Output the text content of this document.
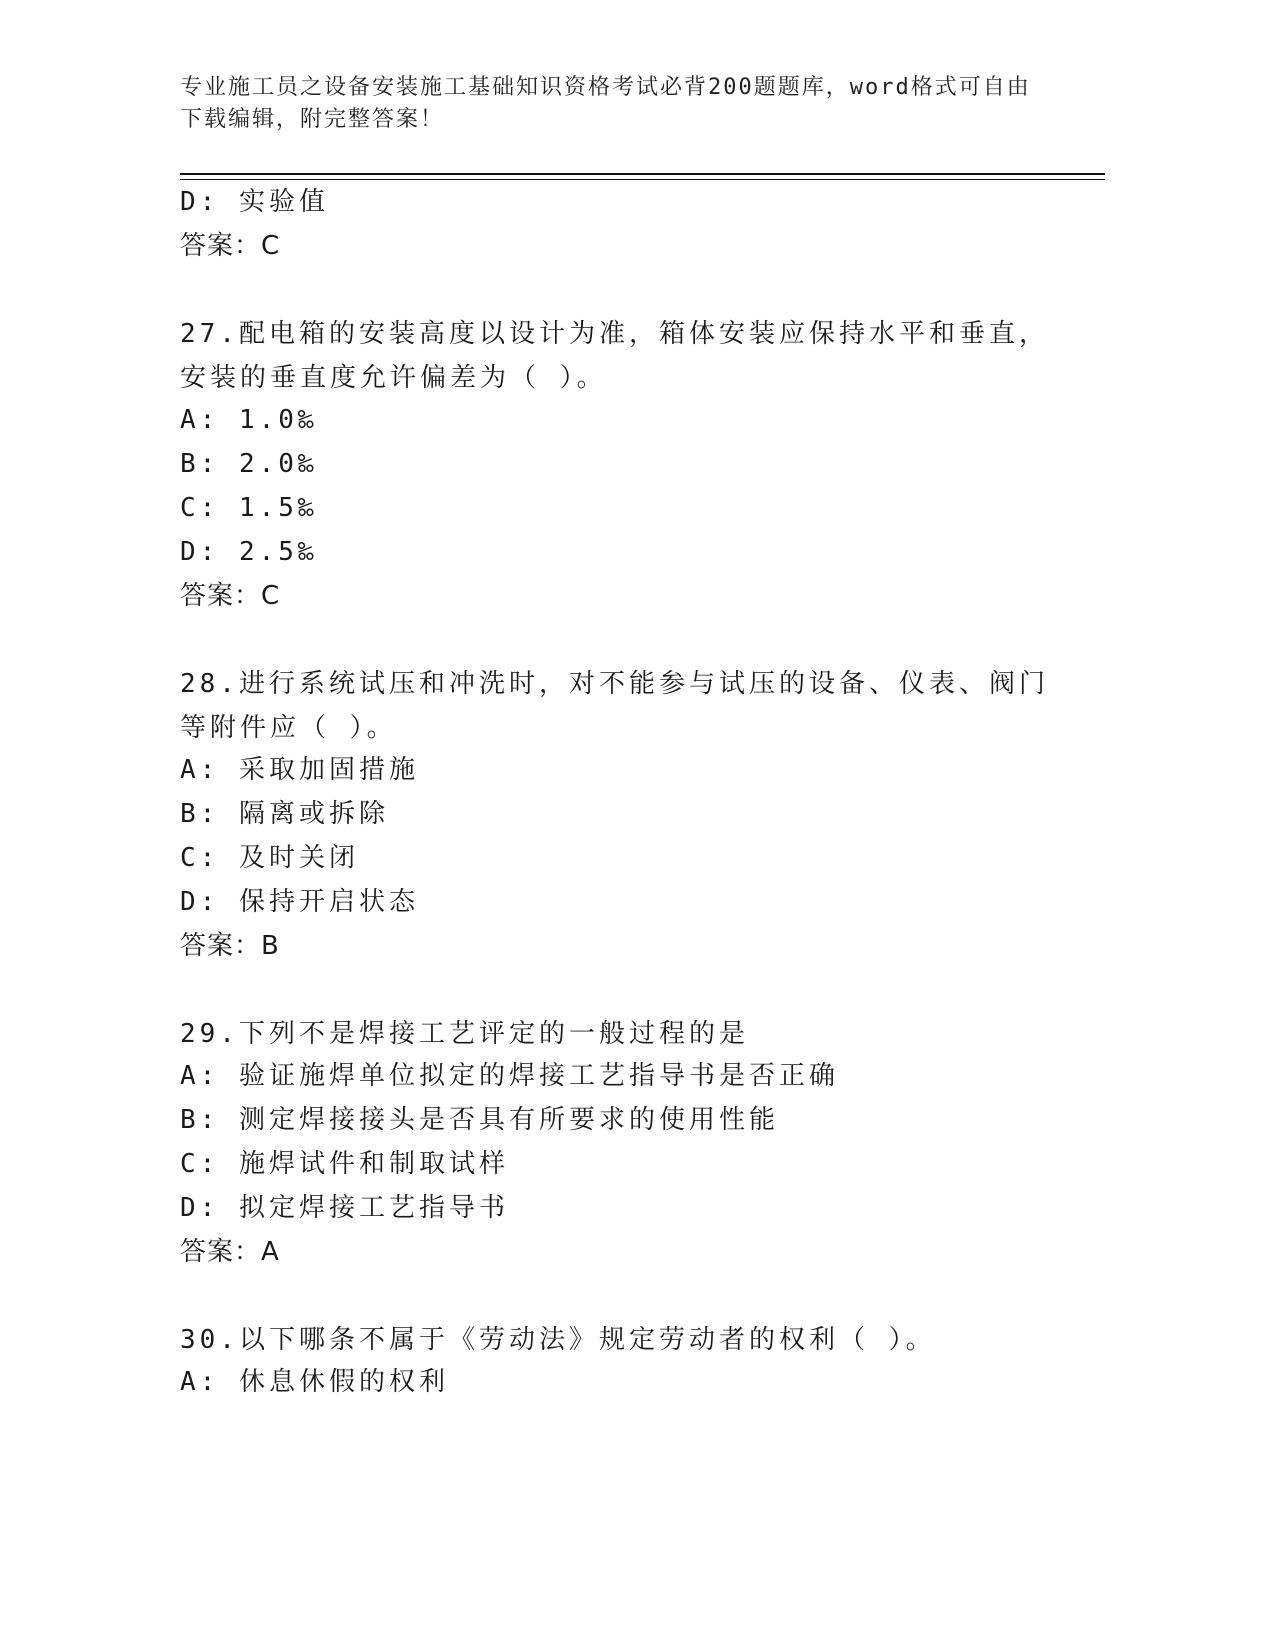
专业施工员之设备安装施工基础知识资格考试必背200题题库，word格式可自由下载编辑，附完整答案！
D: 实验值
答案：C
27.配电箱的安装高度以设计为准，箱体安装应保持水平和垂直，安装的垂直度允许偏差为（ ）。
A: 1.0‰
B: 2.0‰
C: 1.5‰
D: 2.5‰
答案：C
28.进行系统试压和冲洗时，对不能参与试压的设备、仪表、阀门等附件应（ ）。
A: 采取加固措施
B: 隔离或拆除
C: 及时关闭
D: 保持开启状态
答案：B
29.下列不是焊接工艺评定的一般过程的是
A: 验证施焊单位拟定的焊接工艺指导书是否正确
B: 测定焊接接头是否具有所要求的使用性能
C: 施焊试件和制取试样
D: 拟定焊接工艺指导书
答案：A
30.以下哪条不属于《劳动法》规定劳动者的权利（ ）。
A: 休息休假的权利
